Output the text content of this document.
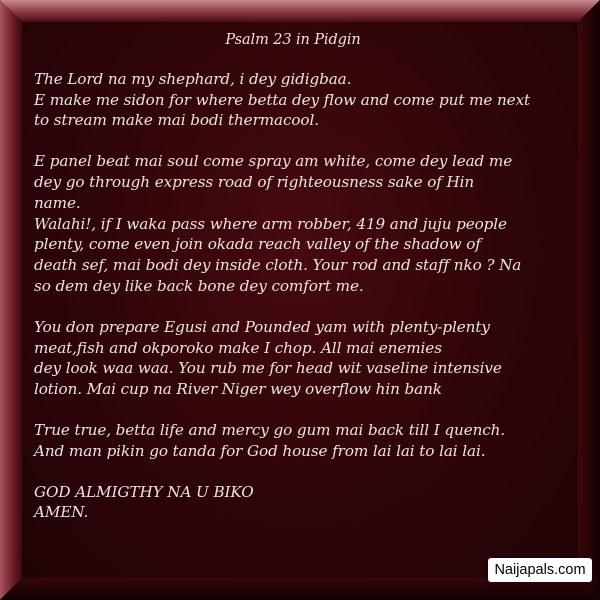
Psalm 23 in Pidgin
The Lord na my shephard, i dey gidigbaa.
E make me sidon for where betta dey flow and come put me next
to stream make mai bodi thermacool.
E panel beat mai soul come spray am white, come dey lead me
dey go through express road of righteousness sake of Hin
name.
Walahi!, if I waka pass where arm robber, 419 and juju people
plenty, come even join okada reach valley of the shadow of
death sef, mai bodi dey inside cloth. Your rod and staff nko ? Na
so dem dey like back bone dey comfort me.
You don prepare Egusi and Pounded yam with plenty-plenty
meat,fish and okporoko make I chop. All mai enemies
dey look waa waa. You rub me for head wit vaseline intensive
lotion. Mai cup na River Niger wey overflow hin bank
True true, betta life and mercy go gum mai back till I quench.
And man pikin go tanda for God house from lai lai to lai lai.
GOD ALMIGTHY NA U BIKO
AMEN.
Naijapals.com
